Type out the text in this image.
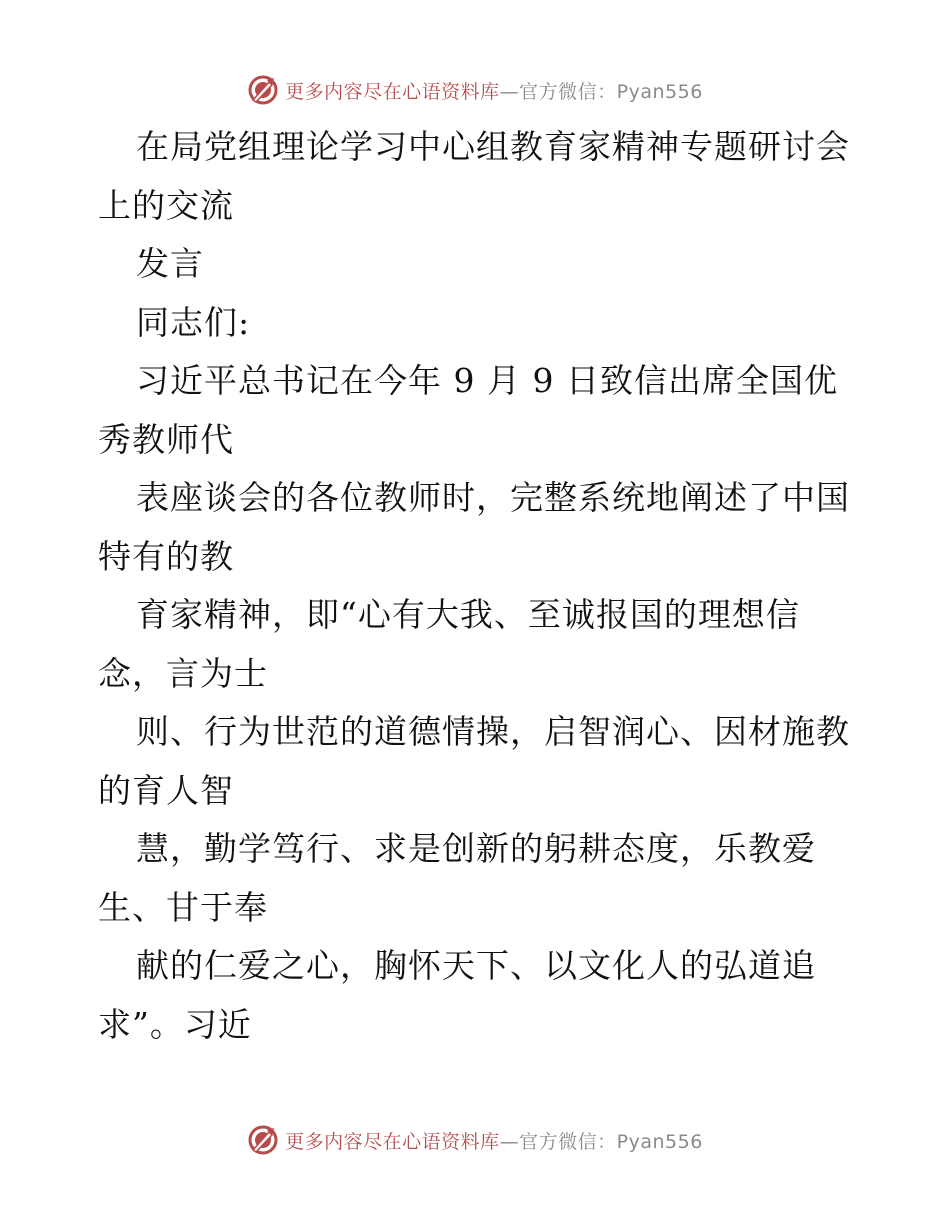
更多内容尽在心语资料库—官方微信：Pyan556
在局党组理论学习中心组教育家精神专题研讨会
上的交流
发言
同志们:
习近平总书记在今年 9 月 9 日致信出席全国优
秀教师代
表座谈会的各位教师时，完整系统地阐述了中国
特有的教
育家精神，即“心有大我、至诚报国的理想信
念，言为士
则、行为世范的道德情操，启智润心、因材施教
的育人智
慧，勤学笃行、求是创新的躬耕态度，乐教爱
生、甘于奉
献的仁爱之心，胸怀天下、以文化人的弘道追
求”。习近
更多内容尽在心语资料库—官方微信：Pyan556
